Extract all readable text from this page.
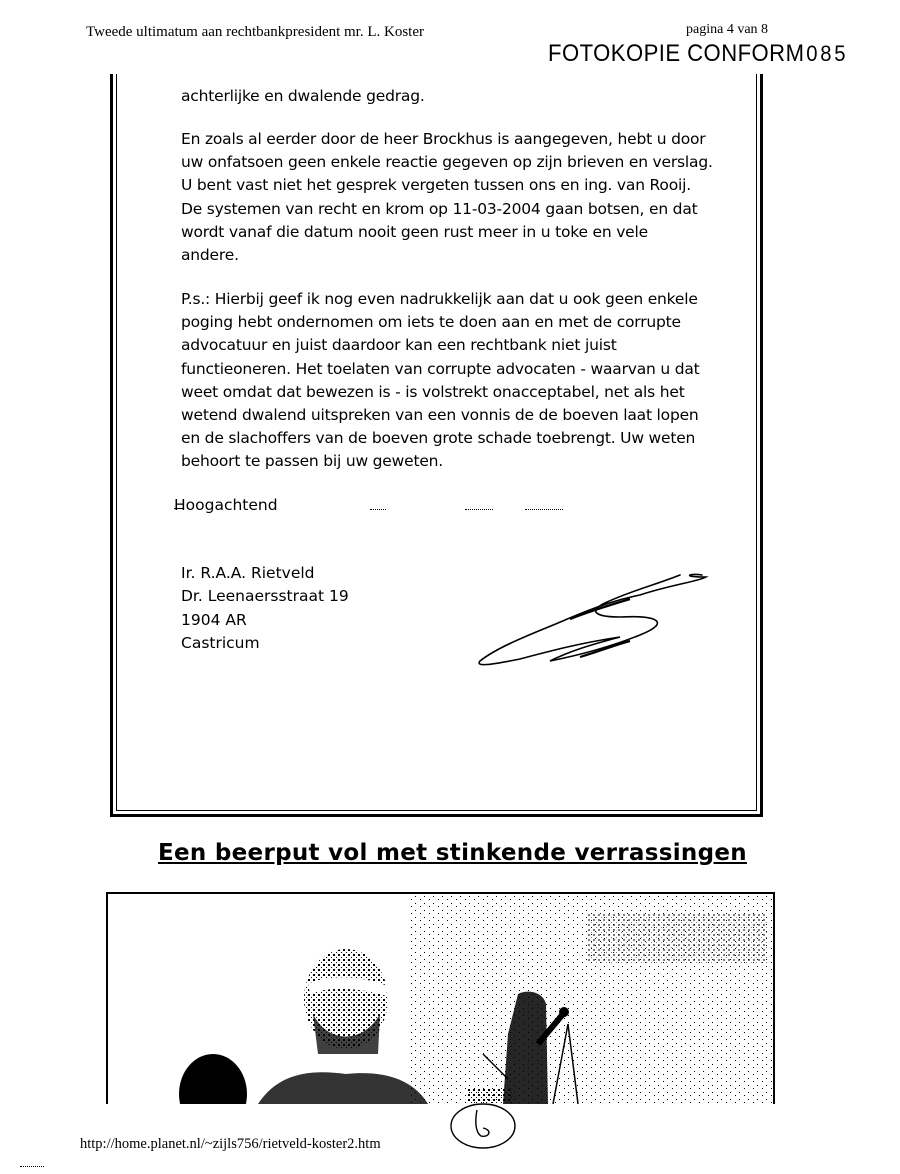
Tweede ultimatum aan rechtbankpresident mr. L. Koster	pagina 4 van 8
FOTOKOPIE CONFORM085
achterlijke en dwalende gedrag.
En zoals al eerder door de heer Brockhus is aangegeven, hebt u door
uw onfatsoen geen enkele reactie gegeven op zijn brieven en verslag.
U bent vast niet het gesprek vergeten tussen ons en ing. van Rooij.
De systemen van recht en krom op 11-03-2004 gaan botsen, en dat
wordt vanaf die datum nooit geen rust meer in u toke en vele
andere.
P.s.: Hierbij geef ik nog even nadrukkelijk aan dat u ook geen enkele
poging hebt ondernomen om iets te doen aan en met de corrupte
advocatuur en juist daardoor kan een rechtbank niet juist
functieoneren. Het toelaten van corrupte advocaten - waarvan u dat
weet omdat dat bewezen is - is volstrekt onacceptabel, net als het
wetend dwalend uitspreken van een vonnis de de boeven laat lopen
en de slachoffers van de boeven grote schade toebrengt. Uw weten
behoort te passen bij uw geweten.
Hoogachtend
Ir. R.A.A. Rietveld
Dr. Leenaersstraat 19
1904 AR
Castricum
Een beerput vol met stinkende verrassingen
http://home.planet.nl/~zijls756/rietveld-koster2.htm
